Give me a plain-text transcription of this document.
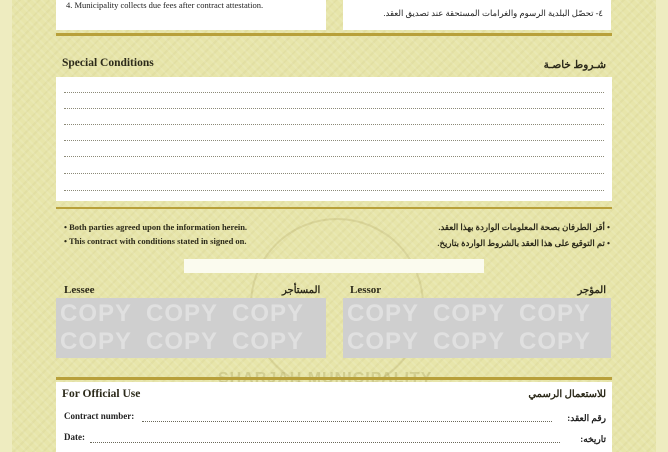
4. Municipality collects due fees after contract attestation.
٤- تحصّل البلدية الرسوم والغرامات المستحقة عند تصديق العقد.
Special Conditions	شـروط خاصـة
• Both parties agreed upon the information herein.
• This contract with conditions stated in signed on.
• أقر الطرفان بصحة المعلومات الواردة بهذا العقد.
• تم التوقيع على هذا العقد بالشروط الواردة بتاريخ.
Lessee	المستأجر	Lessor	المؤجر
COPY COPY COPY
COPY COPY COPY
COPY COPY COPY
COPY COPY COPY
For Official Use	للاستعمال الرسمي
Contract number:	رقم العقد:
Date:	تاريخه:
